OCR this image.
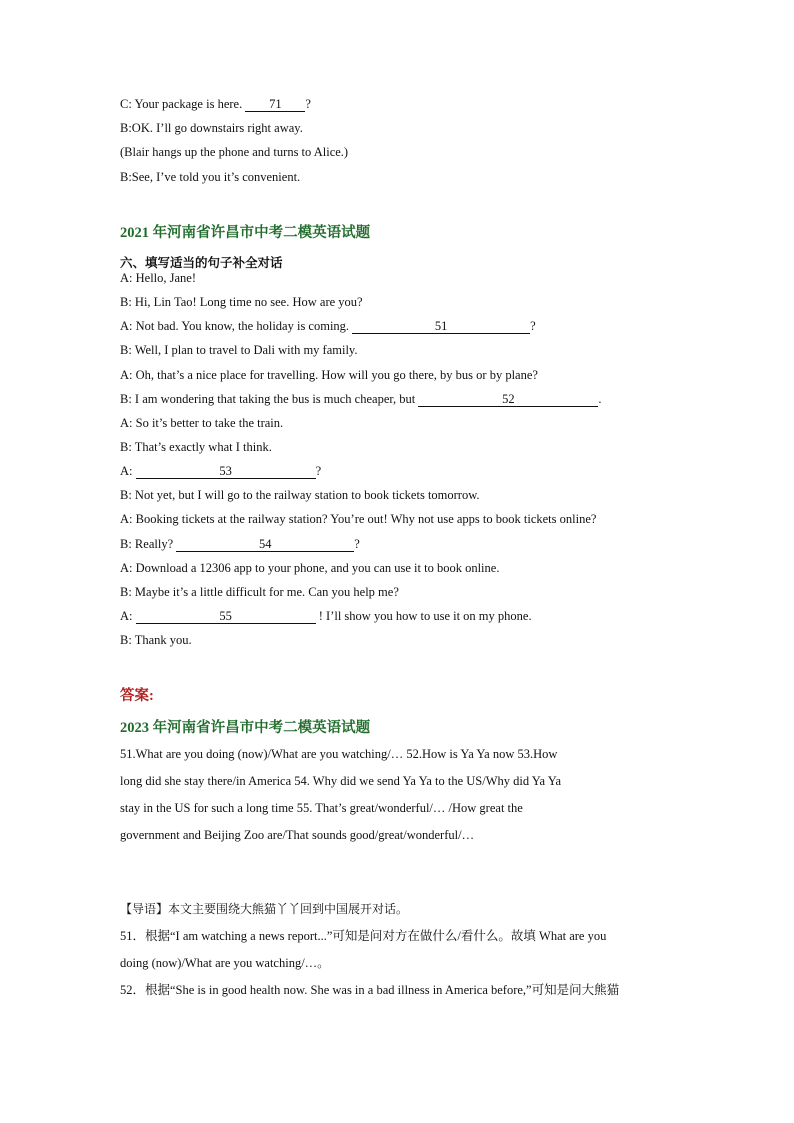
C: Your package is here. 71 ?
B:OK. I’ll go downstairs right away.
(Blair hangs up the phone and turns to Alice.)
B:See, I’ve told you it’s convenient.
2021 年河南省许昌市中考二模英语试题
六、填写适当的句子补全对话
A: Hello, Jane!
B: Hi, Lin Tao! Long time no see. How are you?
A: Not bad. You know, the holiday is coming.	51	?
B: Well, I plan to travel to Dali with my family.
A: Oh, that’s a nice place for travelling. How will you go there, by bus or by plane?
B: I am wondering that taking the bus is much cheaper, but	52	.
A: So it’s better to take the train.
B: That’s exactly what I think.
A:	53	?
B: Not yet, but I will go to the railway station to book tickets tomorrow.
A: Booking tickets at the railway station? You’re out! Why not use apps to book tickets online?
B: Really?	54	?
A: Download a 12306 app to your phone, and you can use it to book online.
B: Maybe it’s a little difficult for me. Can you help me?
A:	55	! I’ll show you how to use it on my phone.
B: Thank you.
答案:
2023 年河南省许昌市中考二模英语试题

51.What are you doing (now)/What are you watching/… 52.How is Ya Ya now 53.How

long did she stay there/in America 54. Why did we send Ya Ya to the US/Why did Ya Ya

stay in the US for such a long time 55. That’s great/wonderful/… /How great the

government and Beijing Zoo are/That sounds good/great/wonderful/…

【导语】本文主要围绕大熊猫丫丫回到中国展开对话。

51．根据“I am watching a news report...”可知是问对方在做什么/看什么。故填 What are you

doing (now)/What are you watching/…。

52．根据“She is in good health now. She was in a bad illness in America before,”可知是问大熊猫
